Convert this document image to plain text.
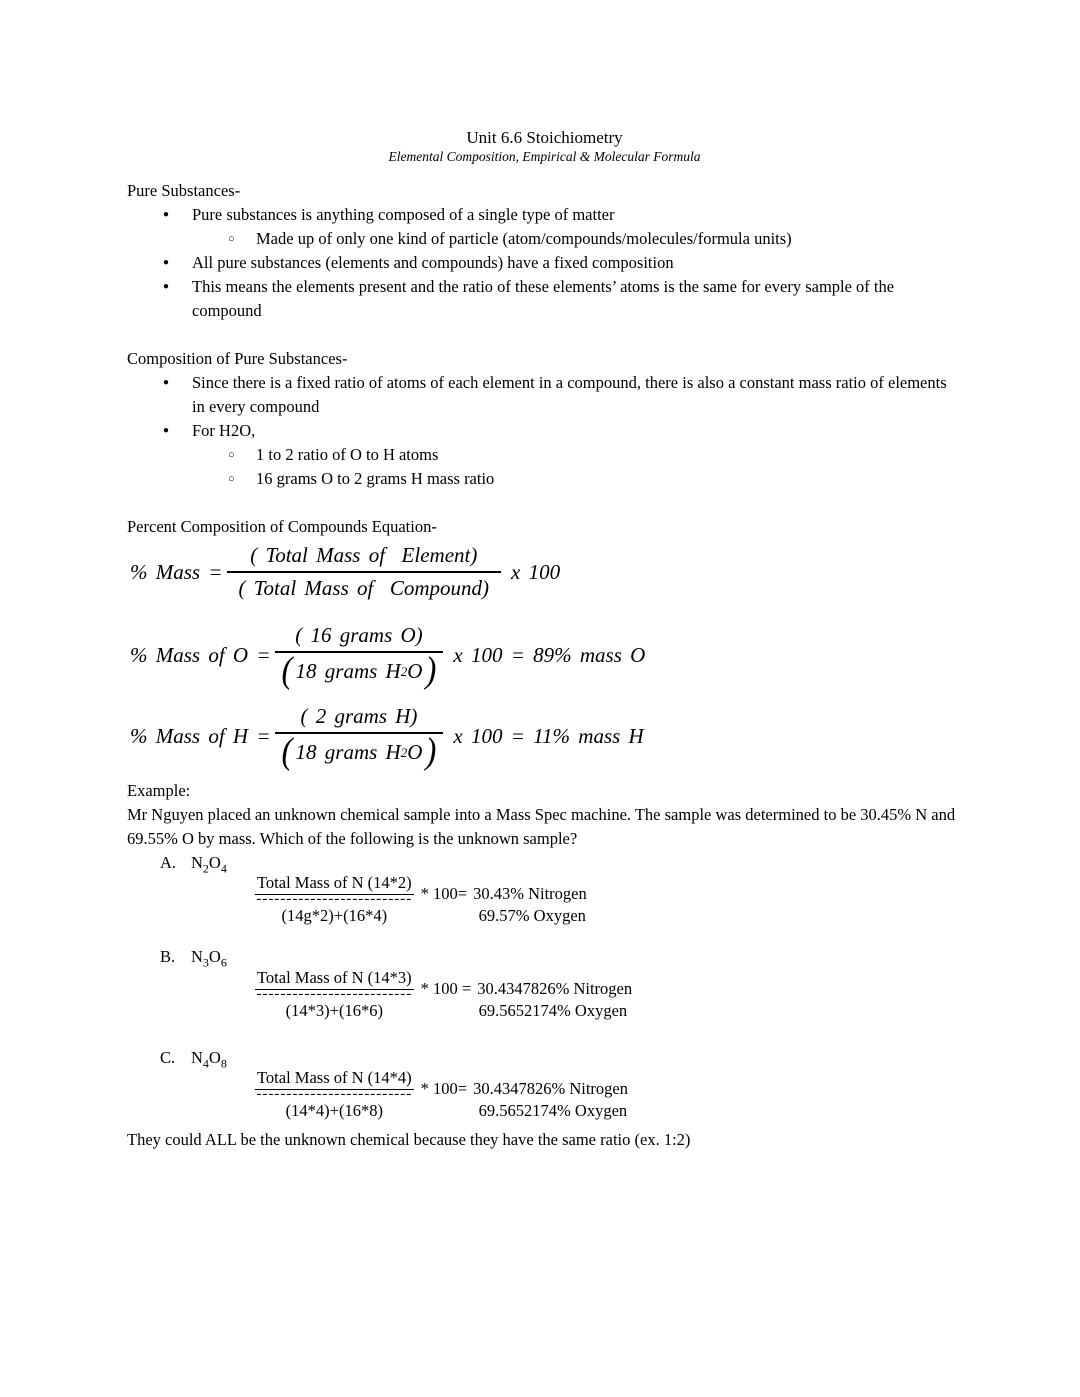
Unit 6.6 Stoichiometry
Elemental Composition, Empirical & Molecular Formula
Pure Substances-
●	Pure substances is anything composed of a single type of matter
○	Made up of only one kind of particle (atom/compounds/molecules/formula units)
●	All pure substances (elements and compounds) have a fixed composition
●	This means the elements present and the ratio of these elements’ atoms is the same for every sample of the compound
Composition of Pure Substances-
●	Since there is a fixed ratio of atoms of each element in a compound, there is also a constant mass ratio of elements in every compound
●	For H2O,
○	1 to 2 ratio of O to H atoms
○	16 grams O to 2 grams H mass ratio
Percent Composition of Compounds Equation-
% Mass = $\frac{\text{( Total Mass of  Element)}}{\text{( Total Mass of  Compound)}}$ x 100
% Mass of $O = \frac{\text{( 16 grams O)}}{\text{( 18 grams H 2 O )}}$ x 100 = 89% mass O
% Mass of $H = \frac{\text{( 2 grams H)}}{\text{( 18 grams H 2 O )}}$ x 100 = 11% mass H
Example:
Mr Nguyen placed an unknown chemical sample into a Mass Spec machine. The sample was determined to be 30.45% N and 69.55% O by mass. Which of the following is the unknown sample?
A. $N_2O_4$
Total Mass of N (14*2)
--------------------------
(14g*2)+(16*4)
* 100= 30.43% Nitrogen
69.57% Oxygen
B. $N_3O_6$
Total Mass of N (14*3)
--------------------------
(14*3)+(16*6)
* 100 = 30.4347826% Nitrogen
69.5652174% Oxygen
C. $N_4O_8$
Total Mass of N (14*4)
--------------------------
(14*4)+(16*8)
* 100= 30.4347826% Nitrogen
69.5652174% Oxygen
They could ALL be the unknown chemical because they have the same ratio (ex. 1:2)
